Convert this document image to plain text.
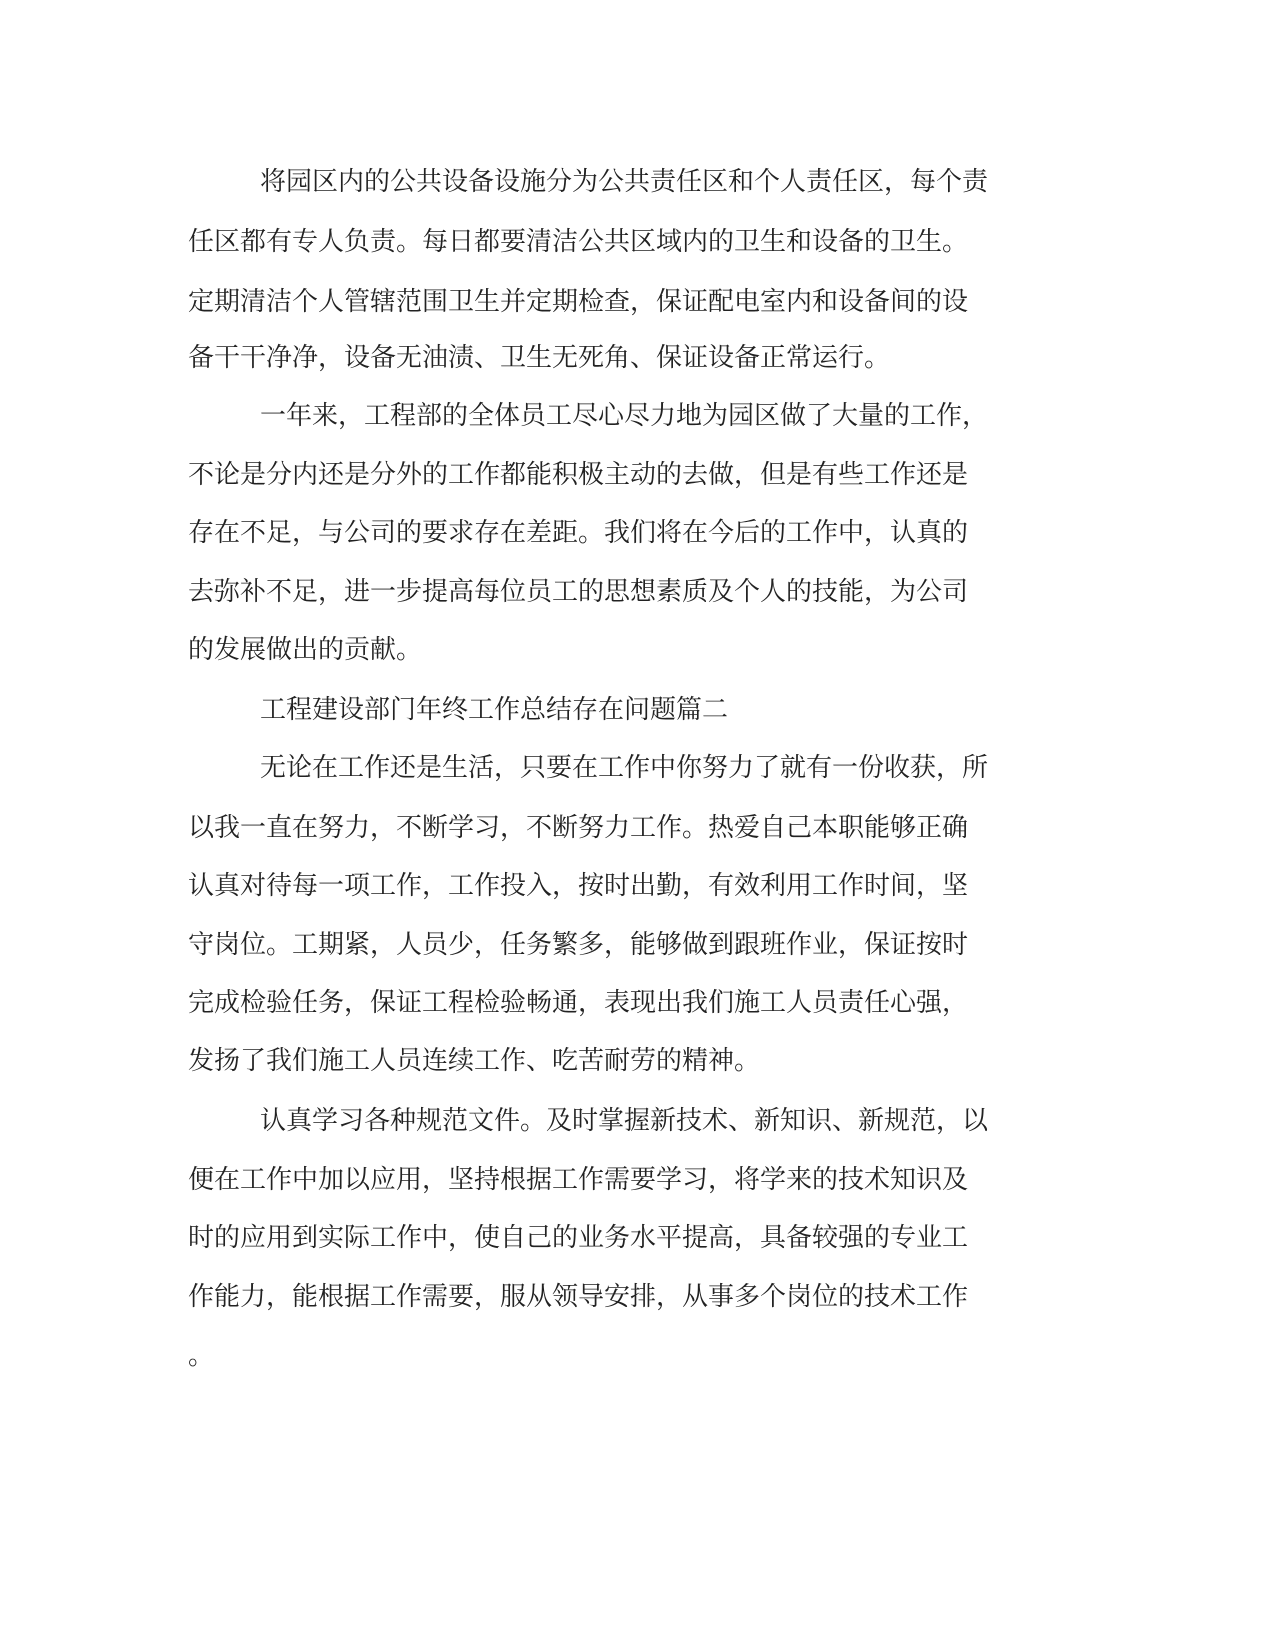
将园区内的公共设备设施分为公共责任区和个人责任区，每个责
任区都有专人负责。每日都要清洁公共区域内的卫生和设备的卫生。
定期清洁个人管辖范围卫生并定期检查，保证配电室内和设备间的设
备干干净净，设备无油渍、卫生无死角、保证设备正常运行。
一年来，工程部的全体员工尽心尽力地为园区做了大量的工作，
不论是分内还是分外的工作都能积极主动的去做，但是有些工作还是
存在不足，与公司的要求存在差距。我们将在今后的工作中，认真的
去弥补不足，进一步提高每位员工的思想素质及个人的技能，为公司
的发展做出的贡献。
工程建设部门年终工作总结存在问题篇二
无论在工作还是生活，只要在工作中你努力了就有一份收获，所
以我一直在努力，不断学习，不断努力工作。热爱自己本职能够正确
认真对待每一项工作，工作投入，按时出勤，有效利用工作时间，坚
守岗位。工期紧，人员少，任务繁多，能够做到跟班作业，保证按时
完成检验任务，保证工程检验畅通，表现出我们施工人员责任心强，
发扬了我们施工人员连续工作、吃苦耐劳的精神。
认真学习各种规范文件。及时掌握新技术、新知识、新规范，以
便在工作中加以应用，坚持根据工作需要学习，将学来的技术知识及
时的应用到实际工作中，使自己的业务水平提高，具备较强的专业工
作能力，能根据工作需要，服从领导安排，从事多个岗位的技术工作
。
